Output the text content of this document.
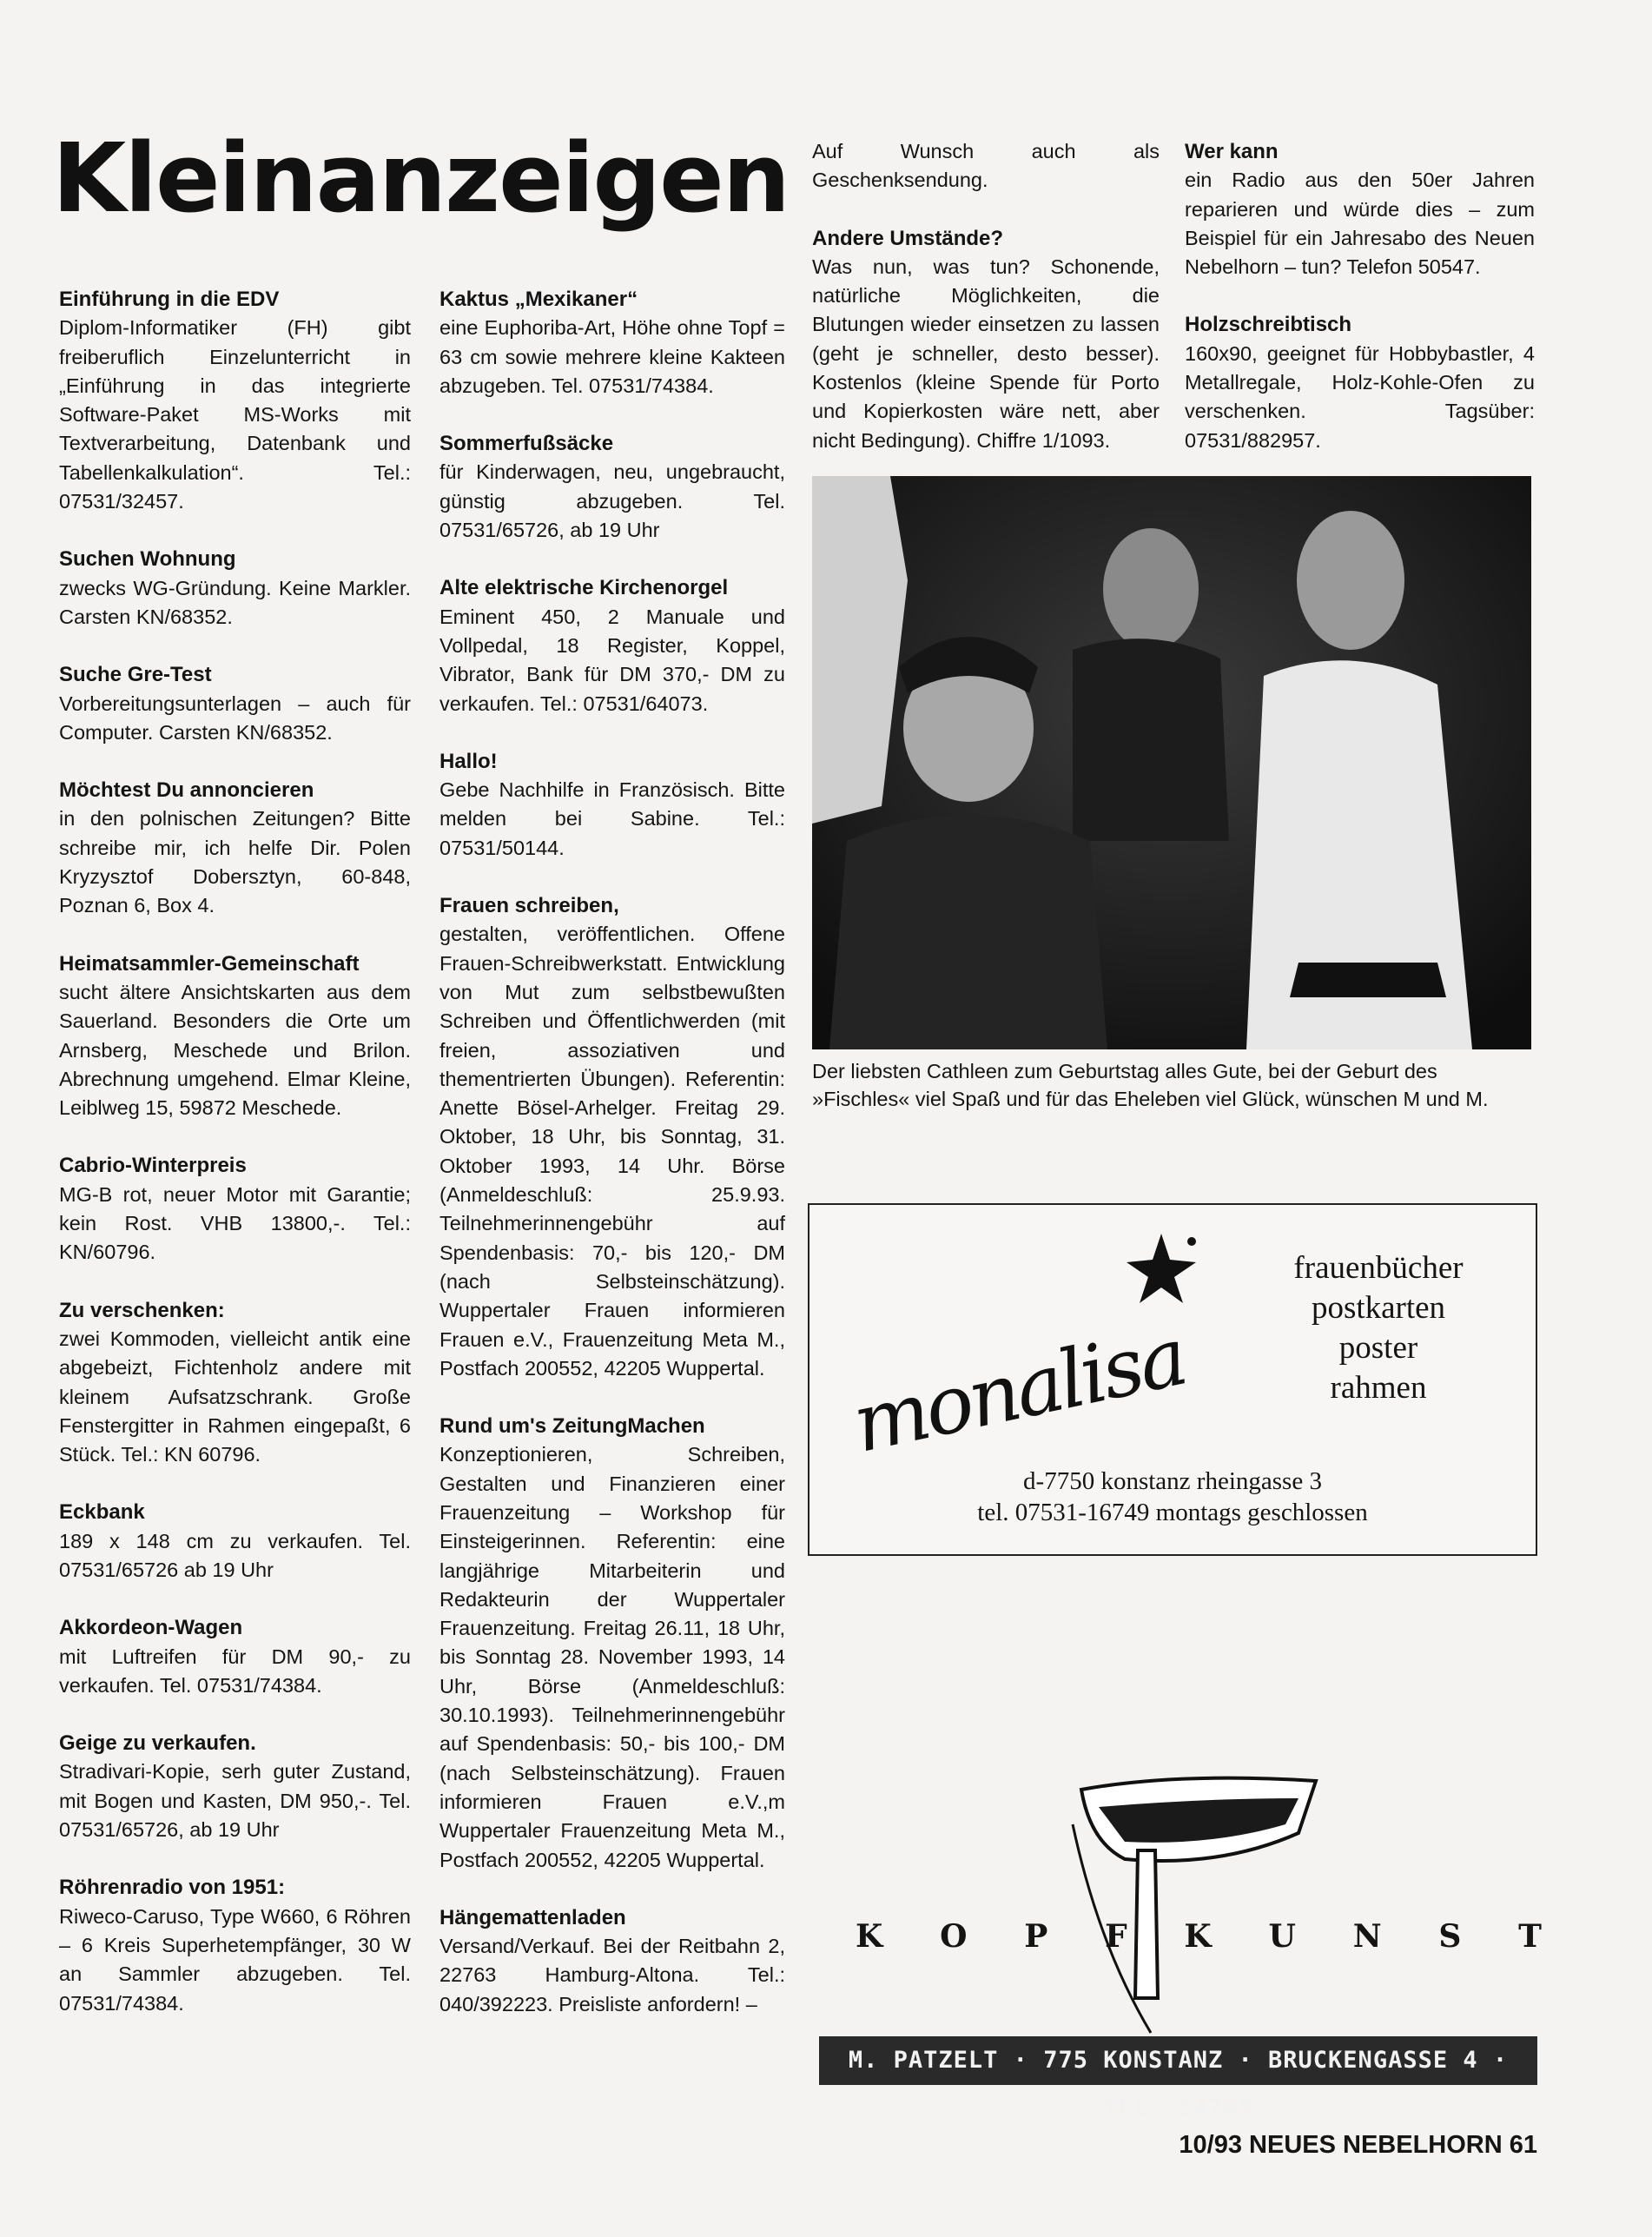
Kleinanzeigen
Einführung in die EDV

Diplom-Informatiker (FH) gibt freiberuflich Einzelunterricht in „Einführung in das integrierte Software-Paket MS-Works mit Textverarbeitung, Datenbank und Tabellenkalkulation“. Tel.: 07531/32457.

Suchen Wohnung

zwecks WG-Gründung. Keine Markler. Carsten KN/68352.

Suche Gre-Test

Vorbereitungsunterlagen – auch für Computer. Carsten KN/68352.

Möchtest Du annoncieren

in den polnischen Zeitungen? Bitte schreibe mir, ich helfe Dir. Polen Kryzysztof Dobersztyn, 60-848, Poznan 6, Box 4.

Heimatsammler-Gemeinschaft

sucht ältere Ansichtskarten aus dem Sauerland. Besonders die Orte um Arnsberg, Meschede und Brilon. Abrechnung umgehend. Elmar Kleine, Leiblweg 15, 59872 Meschede.

Cabrio-Winterpreis

MG-B rot, neuer Motor mit Garantie; kein Rost. VHB 13800,-. Tel.: KN/60796.

Zu verschenken:

zwei Kommoden, vielleicht antik eine abgebeizt, Fichtenholz andere mit kleinem Aufsatzschrank. Große Fenstergitter in Rahmen eingepaßt, 6 Stück. Tel.: KN 60796.

Eckbank

189 x 148 cm zu verkaufen. Tel. 07531/65726 ab 19 Uhr

Akkordeon-Wagen

mit Luftreifen für DM 90,- zu verkaufen. Tel. 07531/74384.

Geige zu verkaufen.

Stradivari-Kopie, serh guter Zustand, mit Bogen und Kasten, DM 950,-. Tel. 07531/65726, ab 19 Uhr

Röhrenradio von 1951:

Riweco-Caruso, Type W660, 6 Röhren – 6 Kreis Superhetempfänger, 30 W an Sammler abzugeben. Tel. 07531/74384.

Kaktus „Mexikaner“

eine Euphoriba-Art, Höhe ohne Topf = 63 cm sowie mehrere kleine Kakteen abzugeben. Tel. 07531/74384.

Sommerfußsäcke

für Kinderwagen, neu, ungebraucht, günstig abzugeben. Tel. 07531/65726, ab 19 Uhr

Alte elektrische Kirchenorgel

Eminent 450, 2 Manuale und Vollpedal, 18 Register, Koppel, Vibrator, Bank für DM 370,- DM zu verkaufen. Tel.: 07531/64073.

Hallo!

Gebe Nachhilfe in Französisch. Bitte melden bei Sabine. Tel.: 07531/50144.

Frauen schreiben,

gestalten, veröffentlichen. Offene Frauen-Schreibwerkstatt. Entwicklung von Mut zum selbstbewußten Schreiben und Öffentlichwerden (mit freien, assoziativen und thementrierten Übungen). Referentin: Anette Bösel-Arhelger. Freitag 29. Oktober, 18 Uhr, bis Sonntag, 31. Oktober 1993, 14 Uhr. Börse (Anmeldeschluß: 25.9.93. Teilnehmerinnengebühr auf Spendenbasis: 70,- bis 120,- DM (nach Selbsteinschätzung). Wuppertaler Frauen informieren Frauen e.V., Frauenzeitung Meta M., Postfach 200552, 42205 Wuppertal.

Rund um's ZeitungMachen

Konzeptionieren, Schreiben, Gestalten und Finanzieren einer Frauenzeitung – Workshop für Einsteigerinnen. Referentin: eine langjährige Mitarbeiterin und Redakteurin der Wuppertaler Frauenzeitung. Freitag 26.11, 18 Uhr, bis Sonntag 28. November 1993, 14 Uhr, Börse (Anmeldeschluß: 30.10.1993). Teilnehmerinnengebühr auf Spendenbasis: 50,- bis 100,- DM (nach Selbsteinschätzung). Frauen informieren Frauen e.V.,m Wuppertaler Frauenzeitung Meta M., Postfach 200552, 42205 Wuppertal.

Hängemattenladen

Versand/Verkauf. Bei der Reitbahn 2, 22763 Hamburg-Altona. Tel.: 040/392223. Preisliste anfordern! –

Auf Wunsch auch als Geschenksendung.

Andere Umstände?

Was nun, was tun? Schonende, natürliche Möglichkeiten, die Blutungen wieder einsetzen zu lassen (geht je schneller, desto besser). Kostenlos (kleine Spende für Porto und Kopierkosten wäre nett, aber nicht Bedingung). Chiffre 1/1093.

Wer kann

ein Radio aus den 50er Jahren reparieren und würde dies – zum Beispiel für ein Jahresabo des Neuen Nebelhorn – tun? Telefon 50547.

Holzschreibtisch

160x90, geeignet für Hobbybastler, 4 Metallregale, Holz-Kohle-Ofen zu verschenken. Tagsüber: 07531/882957.

Der liebsten Cathleen zum Geburtstag alles Gute, bei der Geburt des »Fischles« viel Spaß und für das Eheleben viel Glück, wünschen M und M.
monalisa
frauenbücher
postkarten
poster
rahmen
d-7750 konstanz rheingasse 3
tel. 07531-16749 montags geschlossen
K O P F K U N S T
M. PATZELT · 775 KONSTANZ · BRUCKENGASSE 4 · TEL. 24789
10/93 NEUES NEBELHORN 61
